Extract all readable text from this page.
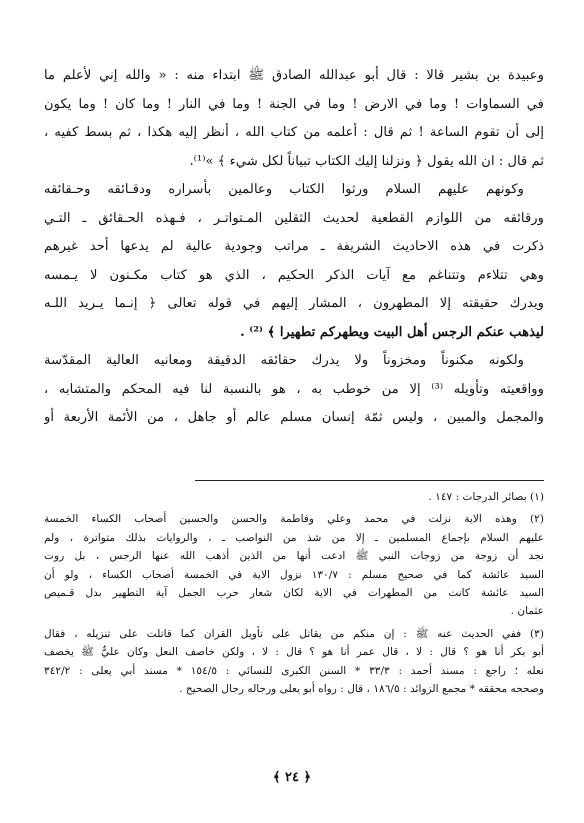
وعبيدة بن بشير قالا : قال أبو عبدالله الصادق ﷺ ابتداء منه : « والله إني لأعلم ما
في السماوات ! وما في الارض ! وما في الجنة ! وما في النار ! وما كان ! وما يكون
إلى أن تقوم الساعة ! ثم قال : أعلمه من كتاب الله ، أنظر إليه هكذا ، ثم بسط كفيه ،
ثم قال : ان الله يقول ﴿ ونزلنا إليك الكتاب تبياناً لكل شيء ﴾ »⁽¹⁾.
وكونهم عليهم السلام ورثوا الكتاب وعالمين بأسراره ودقـائقه وحـقائقه
ورقائقه من اللوازم القطعية لحديث الثقلين المـتواتـر ، فـهذه الحـقائق ـ التـي
ذكرت في هذه الاحاديث الشريفة ـ مراتب وجودية عالية لم يدعها أحد غيرهم
وهي تتلاءم وتتناغم مع آيات الذكر الحكيم ، الذي هو كتاب مكـنون لا يـمسه
ويدرك حقيقته إلا المطهرون ، المشار إليهم في قوله تعالى ﴿ إنـما يـريد اللـه
ليذهب عنكم الرجس أهل البيت ويطهركم تطهيرا ﴾ ⁽²⁾ .
ولكونه مكنوناً ومخزوناً ولا يدرك حقائقه الدقيقة ومعانيه العالية المقدّسة
وواقعيته وتأويله ⁽³⁾ إلا من خوطب به ، هو بالنسبة لنا فيه المحكم والمتشابه ،
والمجمل والمبين ، وليس ثمّة إنسان مسلم عالم أو جاهل ، من الأئمة الأربعة أو
(١) بصائر الدرجات : ١٤٧ .
(٢) وهذه الاية نزلت في محمد وعلي وفاطمة والحسن والحسين أصحاب الكساء الخمسة
عليهم السلام بإجماع المسلمين ـ إلا من شذ من النواصب ـ ، والروايات بذلك متواترة ، ولم
نجد أن زوجة من زوجات النبي ﷺ ادعت أنها من الذين أذهب الله عنها الرجس ، بل روت
السيد عائشة كما في صحيح مسلم : ١٣٠/٧ نزول الاية في الخمسة أصحاب الكساء ، ولو أن
السيد عائشة كانت من المطهرات في الاية لكان شعار حرب الجمل آية التطهير بدل قـميص
عثمان .
(٣) ففي الحديث عنه ﷺ : إن منكم من يقاتل على تأويل القران كما قاتلت على تنزيله ، فقال
أبو بكر أنا هو ؟ قال : لا ، قال عمر أنا هو ؟ قال : لا ، ولكن خاصف النعل وكان عليٌّ ﷺ يخصف
نعله ؛ راجع : مسند أحمد : ٣٣/٣ * السنن الكبرى للنسائي : ١٥٤/٥ * مسند أبي يعلى : ٣٤٢/٢
وصححه محققه * مجمع الزوائد : ١٨٦/٥ ، قال : رواه أبو يعلى ورجاله رجال الصحيح .
﴿ ٢٤ ﴾
